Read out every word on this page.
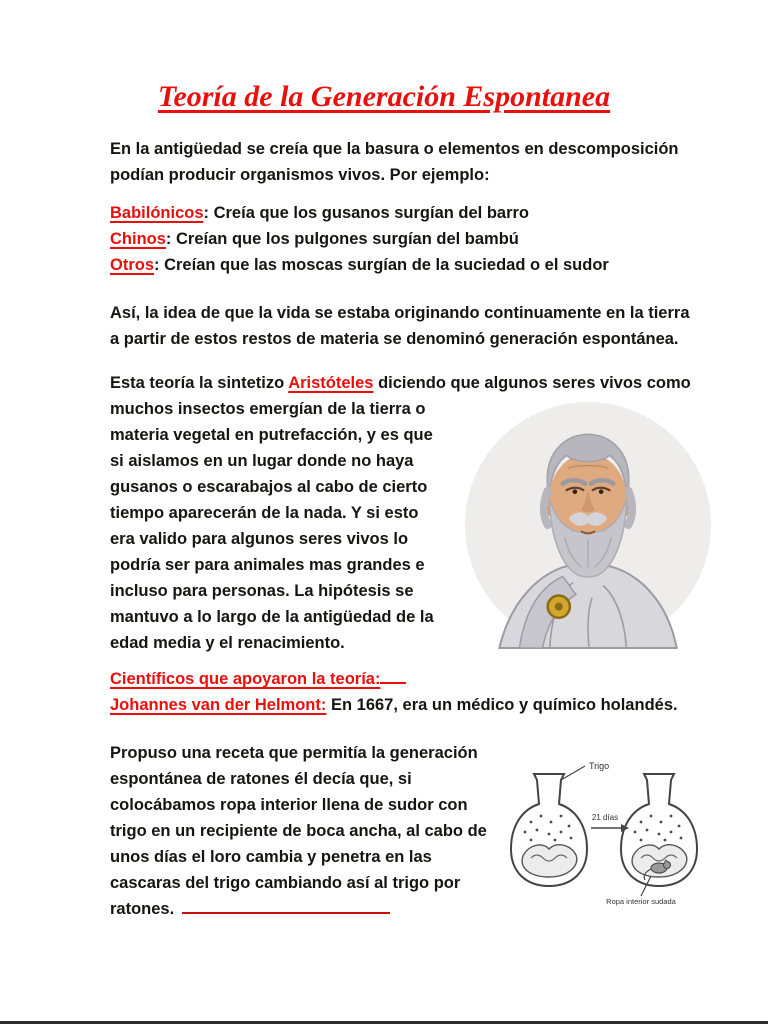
Teoría de la Generación Espontanea

En la antigüedad se creía que la basura o elementos en descomposición podían producir organismos vivos. Por ejemplo:

Babilónicos: Creía que los gusanos surgían del barro
Chinos: Creían que los pulgones surgían del bambú
Otros: Creían que las moscas surgían de la suciedad o el sudor

Así, la idea de que la vida se estaba originando continuamente en la tierra a partir de estos restos de materia se denominó generación espontánea.

Esta teoría la sintetizo Aristóteles diciendo que algunos seres vivos como muchos insectos emergían de la tierra o materia vegetal en putrefacción, y es que si aislamos en un lugar donde no haya gusanos o escarabajos al cabo de cierto tiempo aparecerán de la nada. Y si esto era valido para algunos seres vivos lo podría ser para animales mas grandes e incluso para personas. La hipótesis se mantuvo a lo largo de la antigüedad de la edad media y el renacimiento.

Científicos que apoyaron la teoría:

Johannes van der Helmont: En 1667, era un médico y químico holandés.

21 días
Trigo
Ropa interior sudada
Propuso una receta que permitía la generación espontánea de ratones él decía que, si colocábamos ropa interior llena de sudor con trigo en un recipiente de boca ancha, al cabo de unos días el loro cambia y penetra en las cascaras del trigo cambiando así al trigo por ratones.
